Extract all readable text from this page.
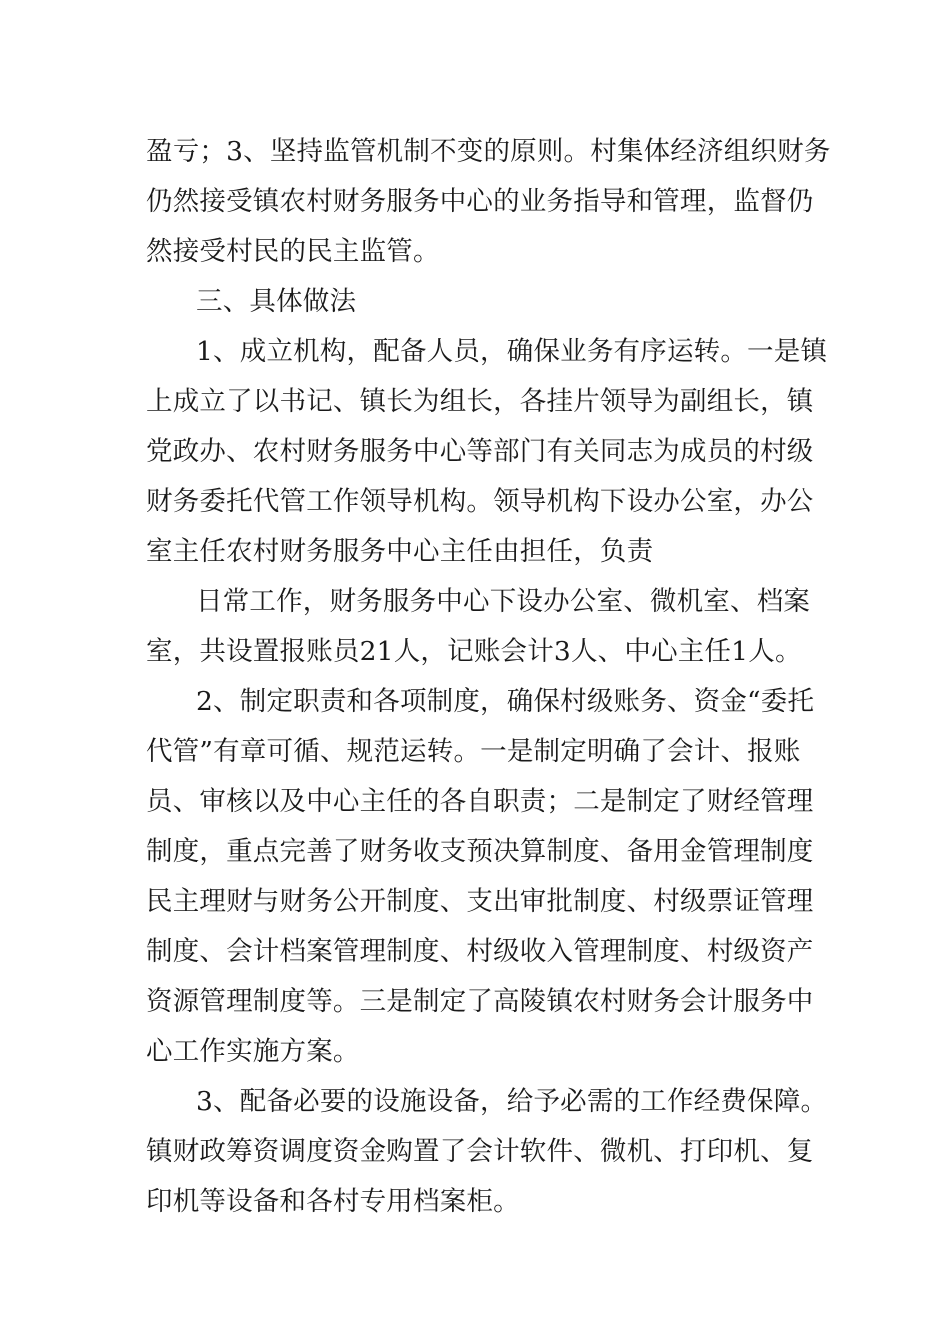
盈亏；3、坚持监管机制不变的原则。村集体经济组织财务
仍然接受镇农村财务服务中心的业务指导和管理，监督仍
然接受村民的民主监管。
三、具体做法
1、成立机构，配备人员，确保业务有序运转。一是镇
上成立了以书记、镇长为组长，各挂片领导为副组长，镇
党政办、农村财务服务中心等部门有关同志为成员的村级
财务委托代管工作领导机构。领导机构下设办公室，办公
室主任农村财务服务中心主任由担任，负责
日常工作，财务服务中心下设办公室、微机室、档案
室，共设置报账员21人，记账会计3人、中心主任1人。
2、制定职责和各项制度，确保村级账务、资金“委托
代管”有章可循、规范运转。一是制定明确了会计、报账
员、审核以及中心主任的各自职责；二是制定了财经管理
制度，重点完善了财务收支预决算制度、备用金管理制度
民主理财与财务公开制度、支出审批制度、村级票证管理
制度、会计档案管理制度、村级收入管理制度、村级资产
资源管理制度等。三是制定了高陵镇农村财务会计服务中
心工作实施方案。
3、配备必要的设施设备，给予必需的工作经费保障。
镇财政筹资调度资金购置了会计软件、微机、打印机、复
印机等设备和各村专用档案柜。
